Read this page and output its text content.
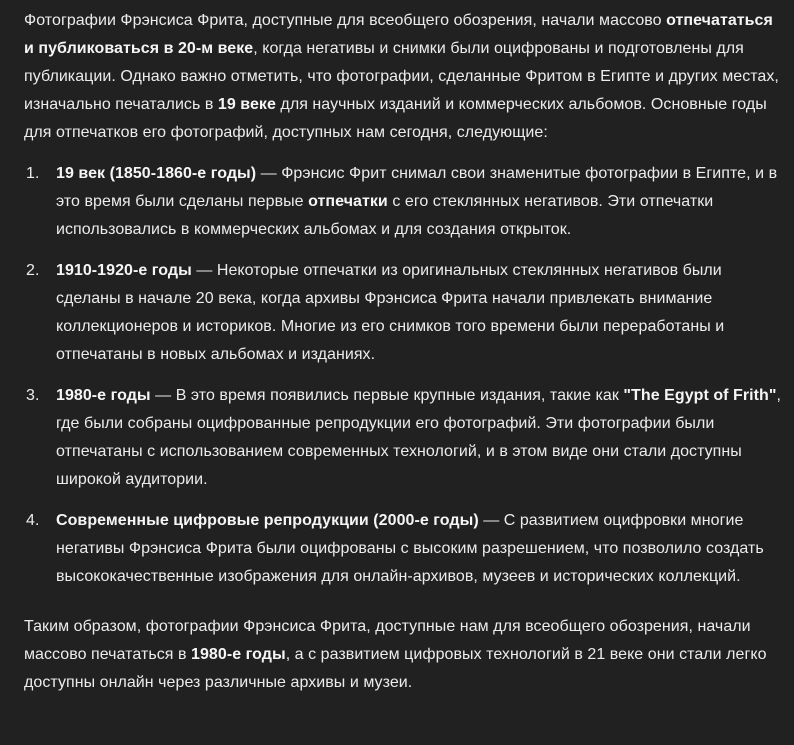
Фотографии Фрэнсиса Фрита, доступные для всеобщего обозрения, начали массово отпечататься и публиковаться в 20-м веке, когда негативы и снимки были оцифрованы и подготовлены для публикации. Однако важно отметить, что фотографии, сделанные Фритом в Египте и других местах, изначально печатались в 19 веке для научных изданий и коммерческих альбомов. Основные годы для отпечатков его фотографий, доступных нам сегодня, следующие:

1. 19 век (1850-1860-е годы) — Фрэнсис Фрит снимал свои знаменитые фотографии в Египте, и в это время были сделаны первые отпечатки с его стеклянных негативов. Эти отпечатки использовались в коммерческих альбомах и для создания открыток.
2. 1910-1920-е годы — Некоторые отпечатки из оригинальных стеклянных негативов были сделаны в начале 20 века, когда архивы Фрэнсиса Фрита начали привлекать внимание коллекционеров и историков. Многие из его снимков того времени были переработаны и отпечатаны в новых альбомах и изданиях.
3. 1980-е годы — В это время появились первые крупные издания, такие как "The Egypt of Frith", где были собраны оцифрованные репродукции его фотографий. Эти фотографии были отпечатаны с использованием современных технологий, и в этом виде они стали доступны широкой аудитории.
4. Современные цифровые репродукции (2000-е годы) — С развитием оцифровки многие негативы Фрэнсиса Фрита были оцифрованы с высоким разрешением, что позволило создать высококачественные изображения для онлайн-архивов, музеев и исторических коллекций.

Таким образом, фотографии Фрэнсиса Фрита, доступные нам для всеобщего обозрения, начали массово печататься в 1980-е годы, а с развитием цифровых технологий в 21 веке они стали легко доступны онлайн через различные архивы и музеи.
